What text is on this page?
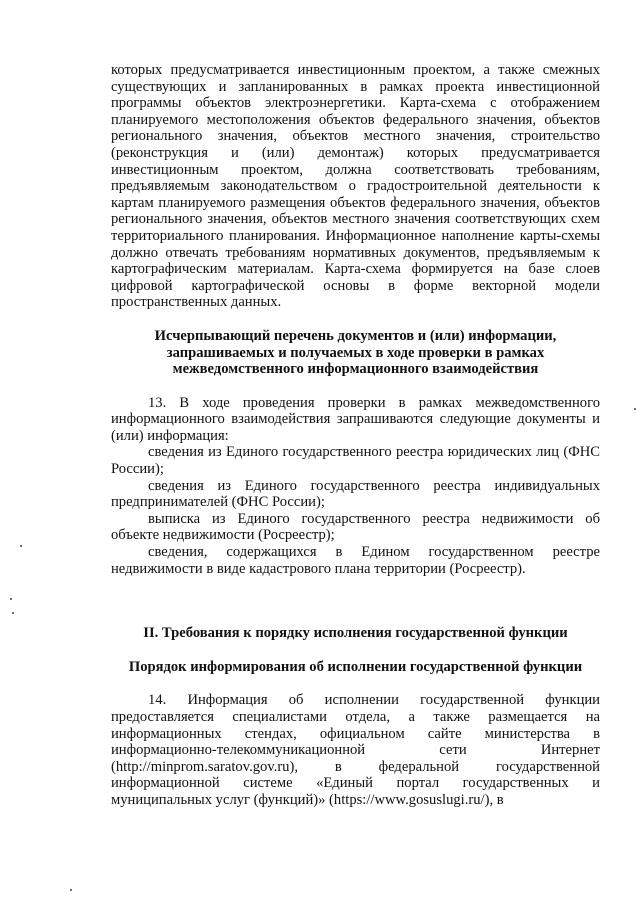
которых предусматривается инвестиционным проектом, а также смежных существующих и запланированных в рамках проекта инвестиционной программы объектов электроэнергетики. Карта-схема с отображением планируемого местоположения объектов федерального значения, объектов регионального значения, объектов местного значения, строительство (реконструкция и (или) демонтаж) которых предусматривается инвестиционным проектом, должна соответствовать требованиям, предъявляемым законодательством о градостроительной деятельности к картам планируемого размещения объектов федерального значения, объектов регионального значения, объектов местного значения соответствующих схем территориального планирования. Информационное наполнение карты-схемы должно отвечать требованиям нормативных документов, предъявляемым к картографическим материалам. Карта-схема формируется на базе слоев цифровой картографической основы в форме векторной модели пространственных данных.

Исчерпывающий перечень документов и (или) информации,
запрашиваемых и получаемых в ходе проверки в рамках
межведомственного информационного взаимодействия

13. В ходе проведения проверки в рамках межведомственного информационного взаимодействия запрашиваются следующие документы и (или) информация:

сведения из Единого государственного реестра юридических лиц (ФНС России);

сведения из Единого государственного реестра индивидуальных предпринимателей (ФНС России);

выписка из Единого государственного реестра недвижимости об объекте недвижимости (Росреестр);

сведения, содержащихся в Едином государственном реестре недвижимости в виде кадастрового плана территории (Росреестр).

II. Требования к порядку исполнения государственной функции
Порядок информирования об исполнении государственной функции

14. Информация об исполнении государственной функции предоставляется специалистами отдела, а также размещается на информационных стендах, официальном сайте министерства в информационно-телекоммуникационной сети Интернет (http://minprom.saratov.gov.ru), в федеральной государственной информационной системе «Единый портал государственных и муниципальных услуг (функций)» (https://www.gosuslugi.ru/), в
